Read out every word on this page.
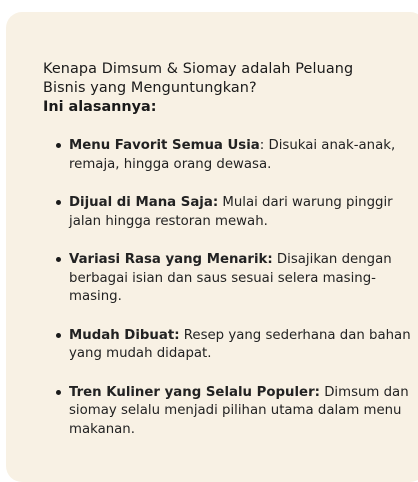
Kenapa Dimsum & Siomay adalah Peluang
Bisnis yang Menguntungkan?

Ini alasannya:

Menu Favorit Semua Usia: Disukai anak-anak, remaja, hingga orang dewasa.
Dijual di Mana Saja: Mulai dari warung pinggir jalan hingga restoran mewah.
Variasi Rasa yang Menarik: Disajikan dengan berbagai isian dan saus sesuai selera masing-masing.
Mudah Dibuat: Resep yang sederhana dan bahan yang mudah didapat.
Tren Kuliner yang Selalu Populer: Dimsum dan siomay selalu menjadi pilihan utama dalam menu makanan.
